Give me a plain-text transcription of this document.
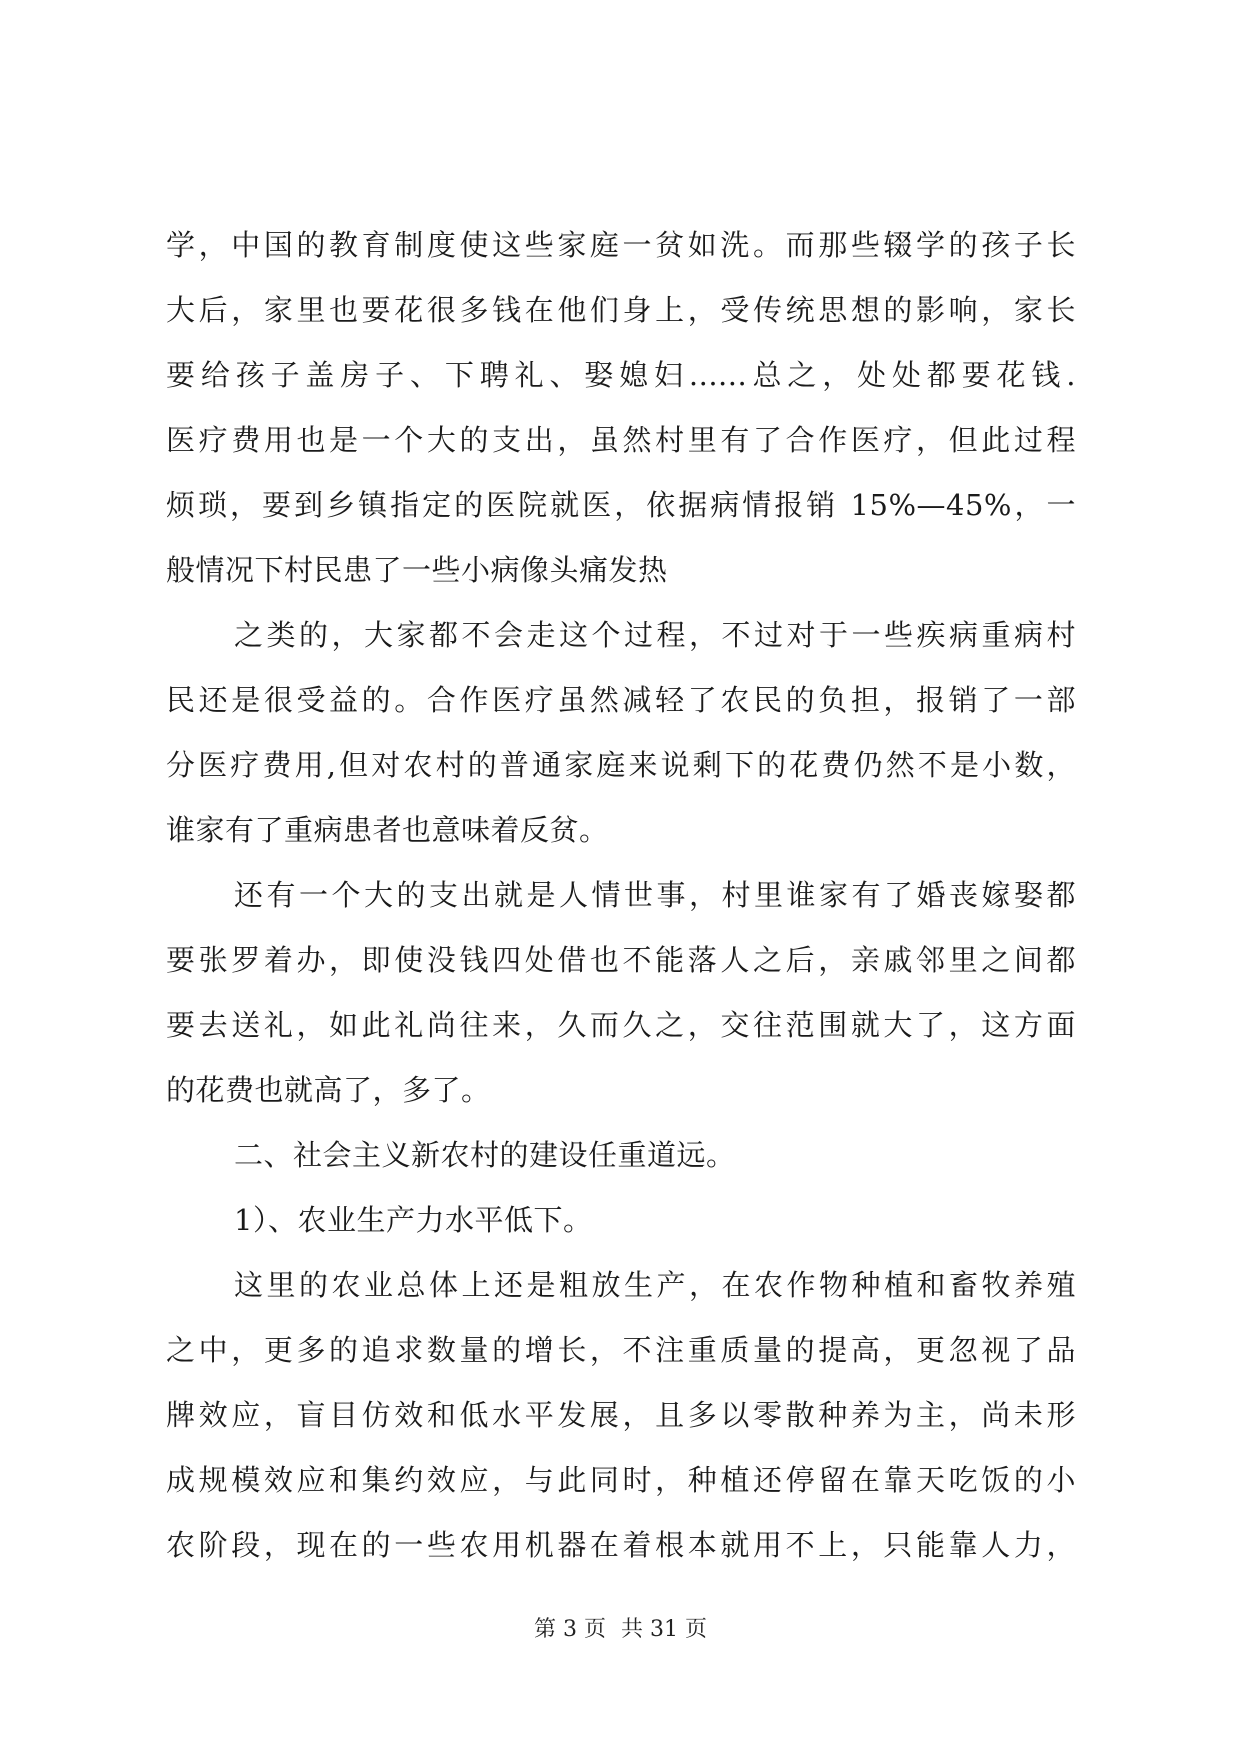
学，中国的教育制度使这些家庭一贫如洗。而那些辍学的孩子长
大后，家里也要花很多钱在他们身上，受传统思想的影响，家长
要给孩子盖房子、下聘礼、娶媳妇......总之，处处都要花钱.
医疗费用也是一个大的支出，虽然村里有了合作医疗，但此过程
烦琐，要到乡镇指定的医院就医，依据病情报销 15%—45%，一
般情况下村民患了一些小病像头痛发热
之类的，大家都不会走这个过程，不过对于一些疾病重病村
民还是很受益的。合作医疗虽然减轻了农民的负担，报销了一部
分医疗费用,但对农村的普通家庭来说剩下的花费仍然不是小数，
谁家有了重病患者也意味着反贫。
还有一个大的支出就是人情世事，村里谁家有了婚丧嫁娶都
要张罗着办，即使没钱四处借也不能落人之后，亲戚邻里之间都
要去送礼，如此礼尚往来，久而久之，交往范围就大了，这方面
的花费也就高了，多了。
二、社会主义新农村的建设任重道远。
1）、农业生产力水平低下。
这里的农业总体上还是粗放生产，在农作物种植和畜牧养殖
之中，更多的追求数量的增长，不注重质量的提高，更忽视了品
牌效应，盲目仿效和低水平发展，且多以零散种养为主，尚未形
成规模效应和集约效应，与此同时，种植还停留在靠天吃饭的小
农阶段，现在的一些农用机器在着根本就用不上，只能靠人力，
第 3 页 共 31 页
